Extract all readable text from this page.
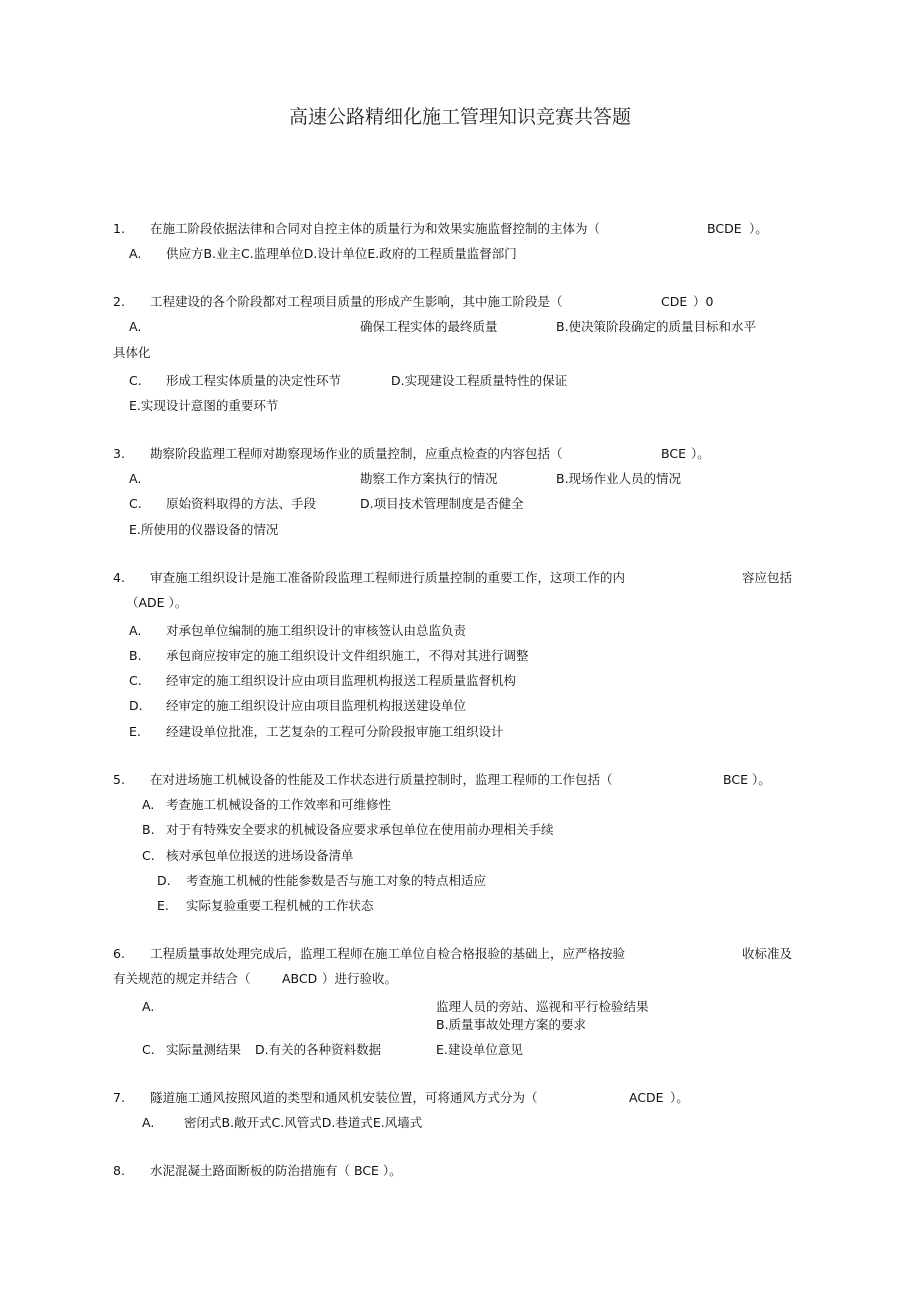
高速公路精细化施工管理知识竞赛共答题
1. 在施工阶段依据法律和合同对自控主体的质量行为和效果实施监督控制的主体为（	BCDE ）。
A. 供应方B.业主C.监理单位D.设计单位E.政府的工程质量监督部门
2. 工程建设的各个阶段都对工程项目质量的形成产生影响，其中施工阶段是（	CDE ）0
A.	确保工程实体的最终质量	B.使决策阶段确定的质量目标和水平
具体化
C. 形成工程实体质量的决定性环节	D.实现建设工程质量特性的保证
E.实现设计意图的重要环节
3. 勘察阶段监理工程师对勘察现场作业的质量控制，应重点检查的内容包括（	BCE ）。
A.	勘察工作方案执行的情况	B.现场作业人员的情况
C. 原始资料取得的方法、手段	D.项目技术管理制度是否健全
E.所使用的仪器设备的情况
4. 审查施工组织设计是施工准备阶段监理工程师进行质量控制的重要工作，这项工作的内	容应包括
（ADE ）。
A. 对承包单位编制的施工组织设计的审核签认由总监负责
B. 承包商应按审定的施工组织设计文件组织施工，不得对其进行调整
C. 经审定的施工组织设计应由项目监理机构报送工程质量监督机构
D. 经审定的施工组织设计应由项目监理机构报送建设单位
E. 经建设单位批准，工艺复杂的工程可分阶段报审施工组织设计
5. 在对进场施工机械设备的性能及工作状态进行质量控制时，监理工程师的工作包括（	BCE ）。
A. 考查施工机械设备的工作效率和可维修性
B. 对于有特殊安全要求的机械设备应要求承包单位在使用前办理相关手续
C. 核对承包单位报送的进场设备清单
D. 考查施工机械的性能参数是否与施工对象的特点相适应
E. 实际复验重要工程机械的工作状态
6. 工程质量事故处理完成后，监理工程师在施工单位自检合格报验的基础上，应严格按验	收标准及
有关规范的规定并结合（	ABCD ）进行验收。
A.	监理人员的旁站、巡视和平行检验结果
B.质量事故处理方案的要求
C. 实际量测结果 D.有关的各种资料数据	E.建设单位意见
7. 隧道施工通风按照风道的类型和通风机安装位置，可将通风方式分为（	ACDE ）。
A. 密闭式B.敞开式C.风管式D.巷道式E.风墙式
8. 水泥混凝土路面断板的防治措施有（ BCE ）。
